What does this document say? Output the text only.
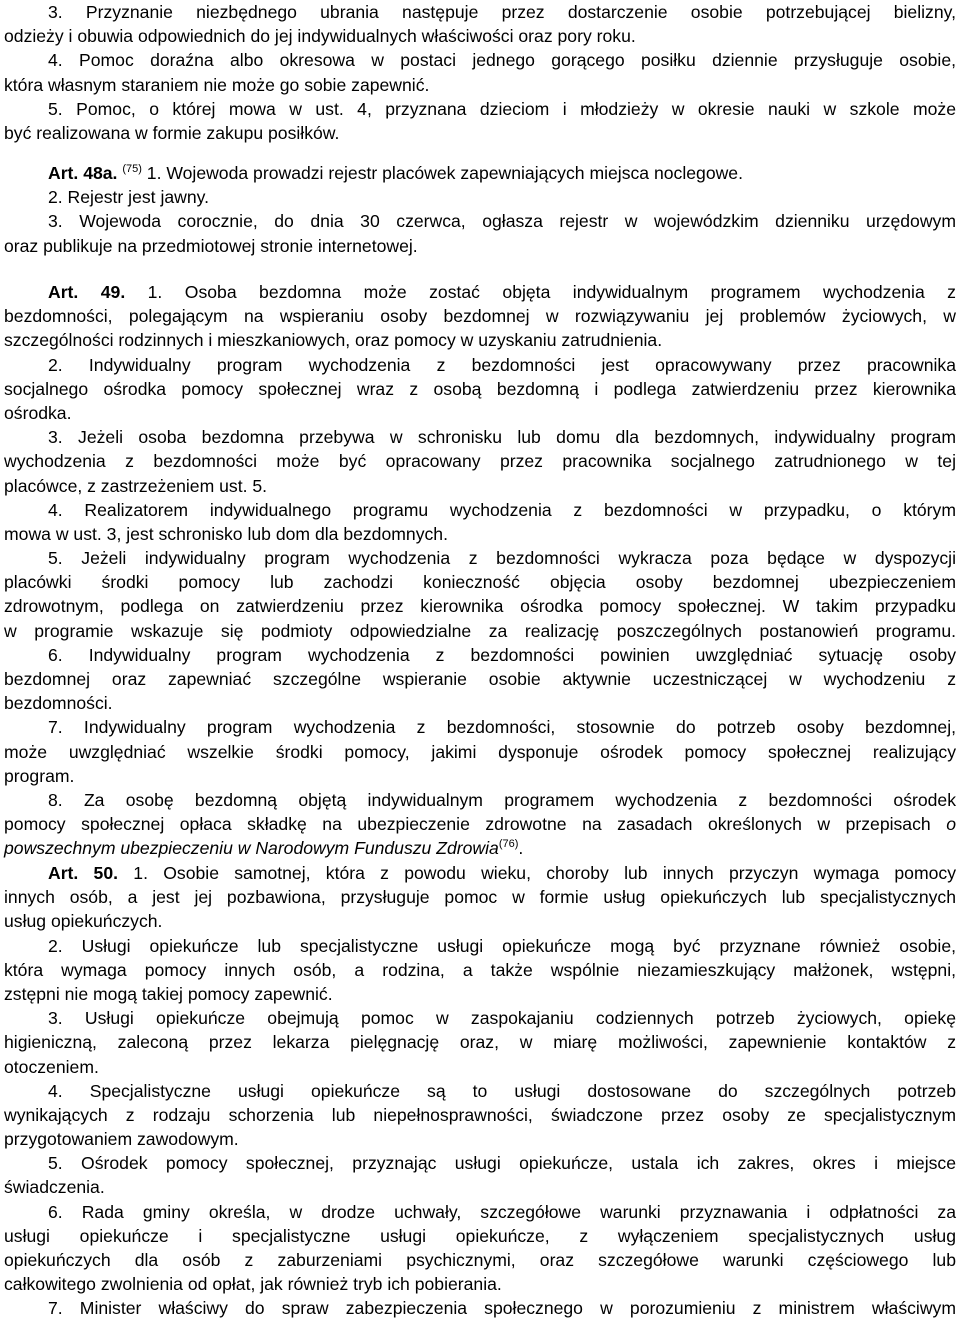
3. Przyznanie niezbędnego ubrania następuje przez dostarczenie osobie potrzebującej bielizny,
odzieży i obuwia odpowiednich do jej indywidualnych właściwości oraz pory roku.
4. Pomoc doraźna albo okresowa w postaci jednego gorącego posiłku dziennie przysługuje osobie,
która własnym staraniem nie może go sobie zapewnić.
5. Pomoc, o której mowa w ust. 4, przyznana dzieciom i młodzieży w okresie nauki w szkole może
być realizowana w formie zakupu posiłków.
Art. 48a. $^{(75)}$ 1. Wojewoda prowadzi rejestr placówek zapewniających miejsca noclegowe.
2. Rejestr jest jawny.
3. Wojewoda corocznie, do dnia 30 czerwca, ogłasza rejestr w wojewódzkim dzienniku urzędowym
oraz publikuje na przedmiotowej stronie internetowej.
Art. 49. 1. Osoba bezdomna może zostać objęta indywidualnym programem wychodzenia z
bezdomności, polegającym na wspieraniu osoby bezdomnej w rozwiązywaniu jej problemów życiowych, w
szczególności rodzinnych i mieszkaniowych, oraz pomocy w uzyskaniu zatrudnienia.
2. Indywidualny program wychodzenia z bezdomności jest opracowywany przez pracownika
socjalnego ośrodka pomocy społecznej wraz z osobą bezdomną i podlega zatwierdzeniu przez kierownika
ośrodka.
3. Jeżeli osoba bezdomna przebywa w schronisku lub domu dla bezdomnych, indywidualny program
wychodzenia z bezdomności może być opracowany przez pracownika socjalnego zatrudnionego w tej
placówce, z zastrzeżeniem ust. 5.
4. Realizatorem indywidualnego programu wychodzenia z bezdomności w przypadku, o którym
mowa w ust. 3, jest schronisko lub dom dla bezdomnych.
5. Jeżeli indywidualny program wychodzenia z bezdomności wykracza poza będące w dyspozycji
placówki środki pomocy lub zachodzi konieczność objęcia osoby bezdomnej ubezpieczeniem
zdrowotnym, podlega on zatwierdzeniu przez kierownika ośrodka pomocy społecznej. W takim przypadku
w programie wskazuje się podmioty odpowiedzialne za realizację poszczególnych postanowień programu.
6. Indywidualny program wychodzenia z bezdomności powinien uwzględniać sytuację osoby
bezdomnej oraz zapewniać szczególne wspieranie osobie aktywnie uczestniczącej w wychodzeniu z
bezdomności.
7. Indywidualny program wychodzenia z bezdomności, stosownie do potrzeb osoby bezdomnej,
może uwzględniać wszelkie środki pomocy, jakimi dysponuje ośrodek pomocy społecznej realizujący
program.
8. Za osobę bezdomną objętą indywidualnym programem wychodzenia z bezdomności ośrodek
pomocy społecznej opłaca składkę na ubezpieczenie zdrowotne na zasadach określonych w przepisach o
powszechnym ubezpieczeniu w Narodowym Funduszu Zdrowia$^{(76)}$.
Art. 50. 1. Osobie samotnej, która z powodu wieku, choroby lub innych przyczyn wymaga pomocy
innych osób, a jest jej pozbawiona, przysługuje pomoc w formie usług opiekuńczych lub specjalistycznych
usług opiekuńczych.
2. Usługi opiekuńcze lub specjalistyczne usługi opiekuńcze mogą być przyznane również osobie,
która wymaga pomocy innych osób, a rodzina, a także wspólnie niezamieszkujący małżonek, wstępni,
zstępni nie mogą takiej pomocy zapewnić.
3. Usługi opiekuńcze obejmują pomoc w zaspokajaniu codziennych potrzeb życiowych, opiekę
higieniczną, zaleconą przez lekarza pielęgnację oraz, w miarę możliwości, zapewnienie kontaktów z
otoczeniem.
4. Specjalistyczne usługi opiekuńcze są to usługi dostosowane do szczególnych potrzeb
wynikających z rodzaju schorzenia lub niepełnosprawności, świadczone przez osoby ze specjalistycznym
przygotowaniem zawodowym.
5. Ośrodek pomocy społecznej, przyznając usługi opiekuńcze, ustala ich zakres, okres i miejsce
świadczenia.
6. Rada gminy określa, w drodze uchwały, szczegółowe warunki przyznawania i odpłatności za
usługi opiekuńcze i specjalistyczne usługi opiekuńcze, z wyłączeniem specjalistycznych usług
opiekuńczych dla osób z zaburzeniami psychicznymi, oraz szczegółowe warunki częściowego lub
całkowitego zwolnienia od opłat, jak również tryb ich pobierania.
7. Minister właściwy do spraw zabezpieczenia społecznego w porozumieniu z ministrem właściwym
